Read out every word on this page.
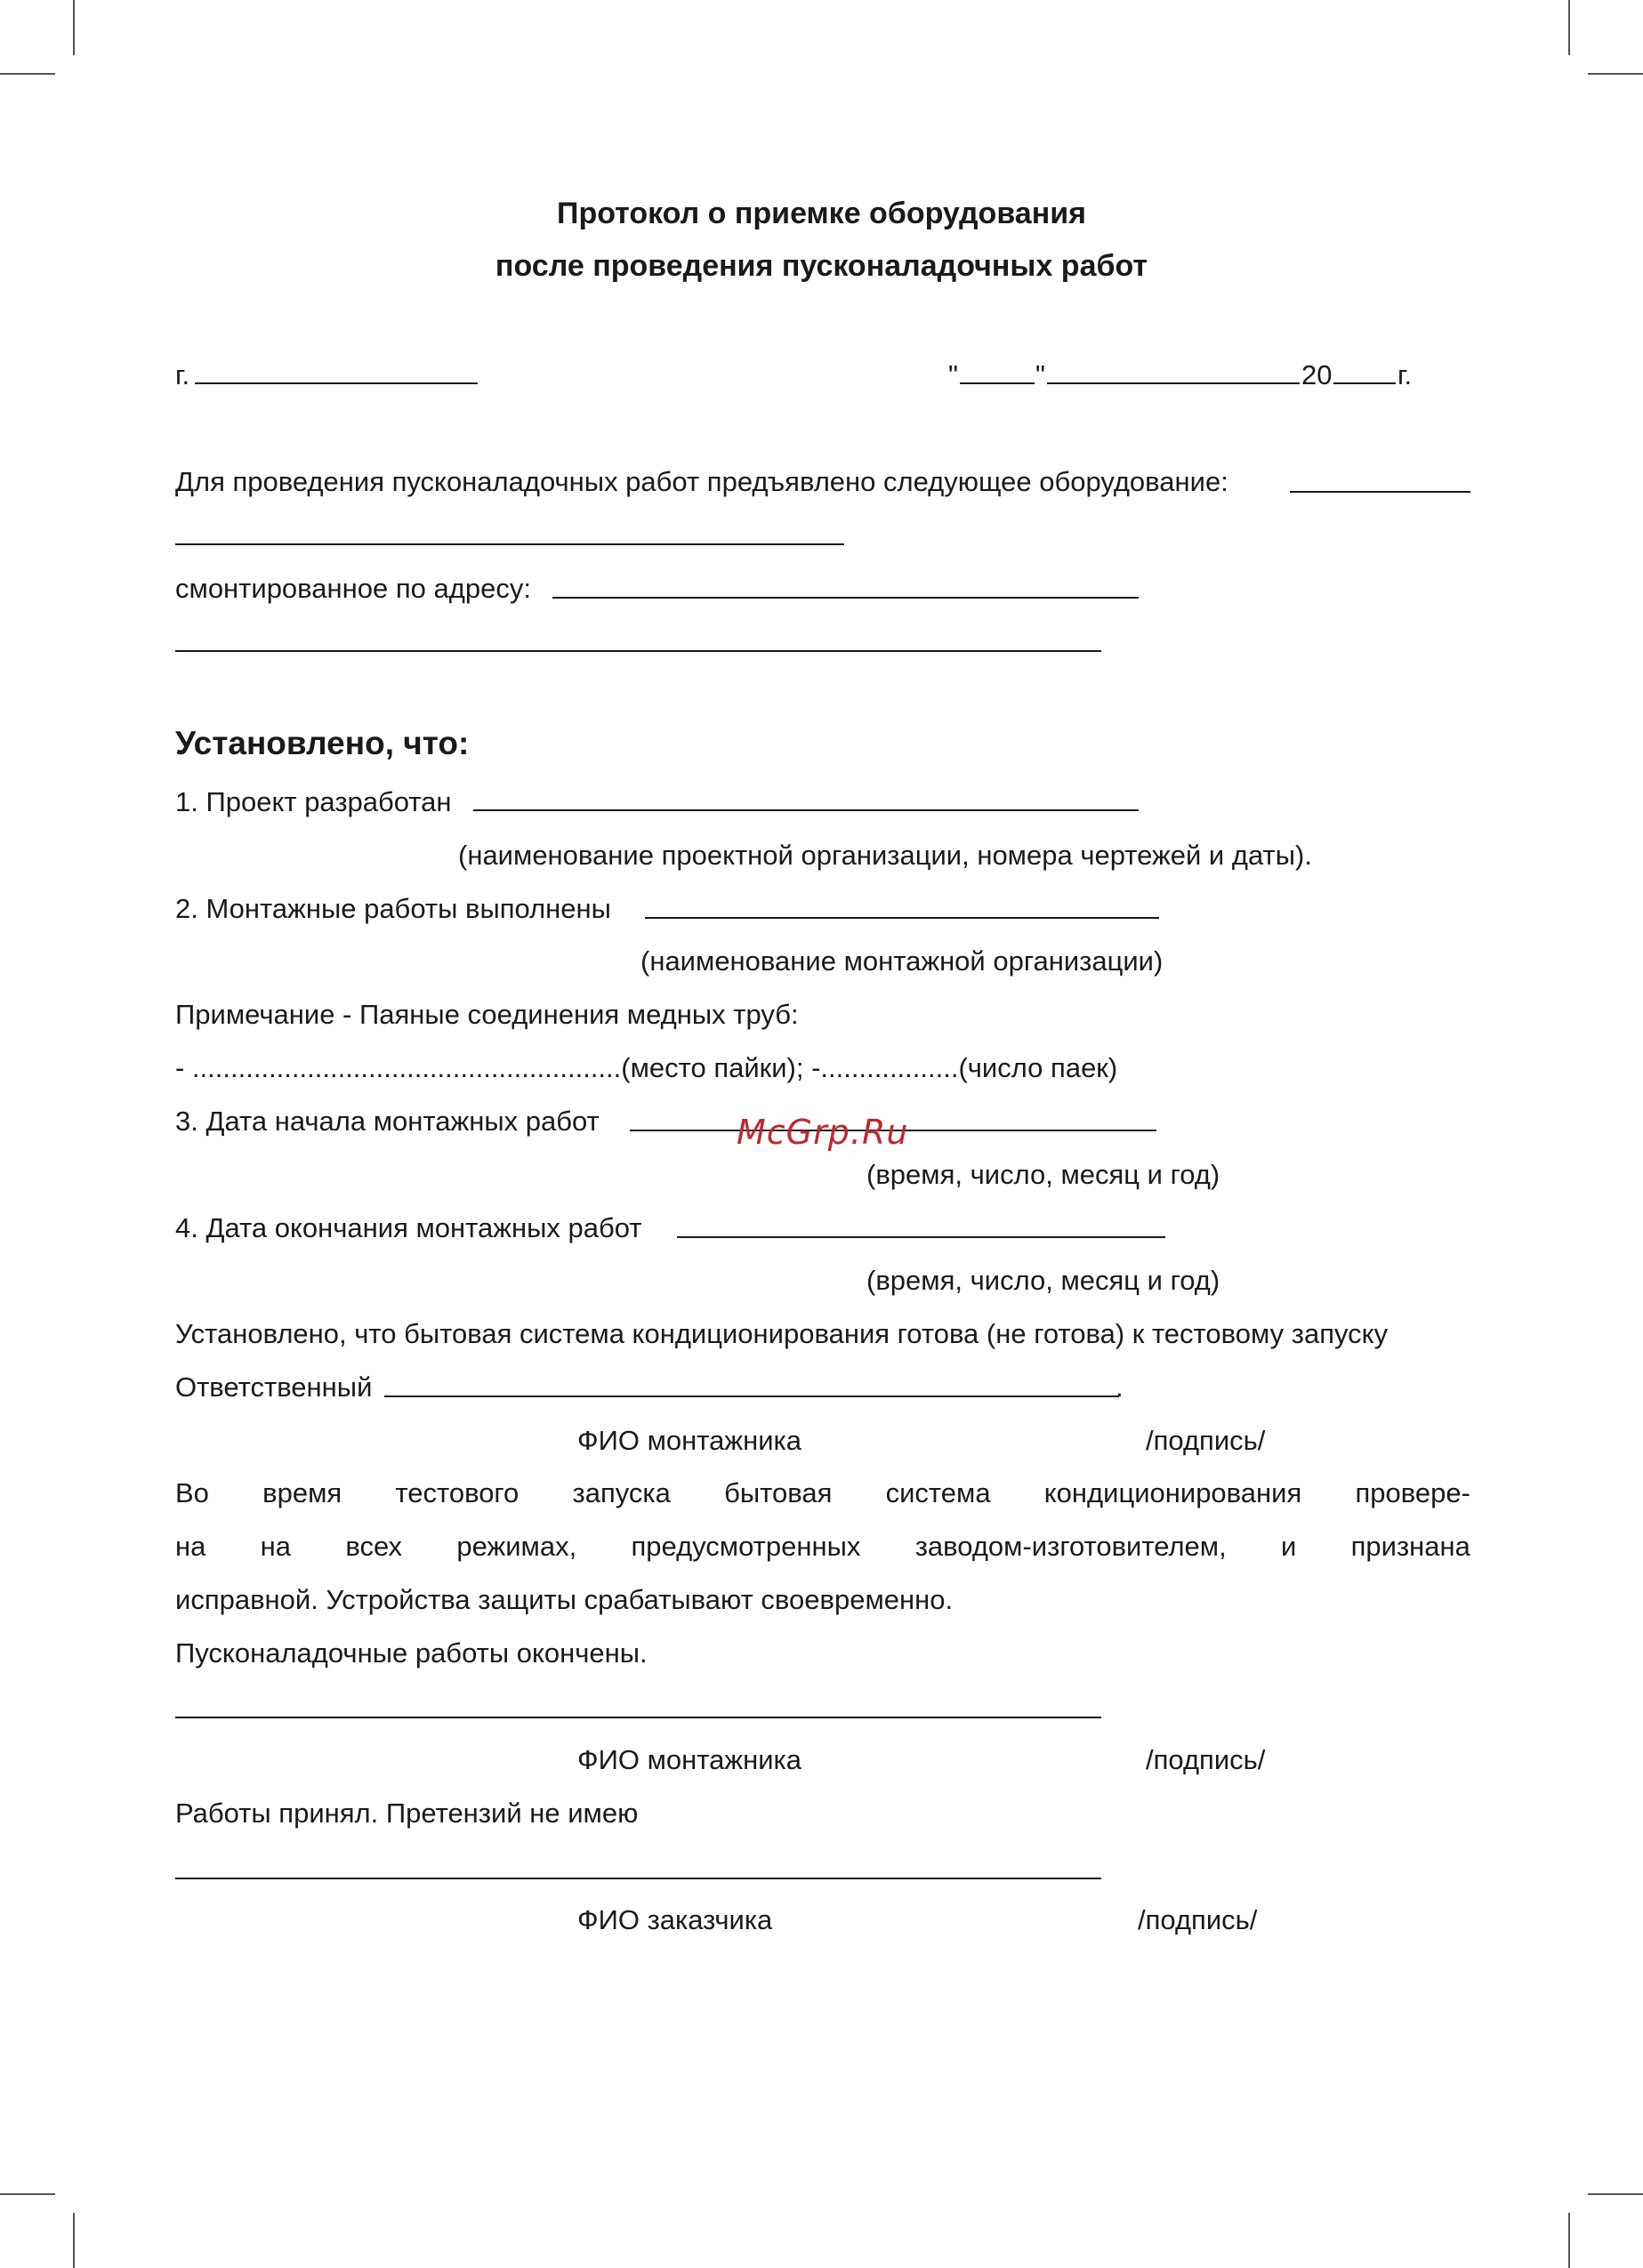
Протокол о приемке оборудования
после проведения пусконаладочных работ
г.	"	"	20 г.
Для проведения пусконаладочных работ предъявлено следующее оборудование:
смонтированное по адресу:
Установлено, что:
1. Проект разработан
(наименование проектной организации, номера чертежей и даты).
2. Монтажные работы выполнены
(наименование монтажной организации)
Примечание - Паяные соединения медных труб:
- ........................................................(место пайки); -..................(число паек)
3. Дата начала монтажных работ
(время, число, месяц и год)
4. Дата окончания монтажных работ
(время, число, месяц и год)
Установлено, что бытовая система кондиционирования готова (не готова) к тестовому запуску
Ответственный	.
ФИО монтажника	/подпись/
Во время тестового запуска бытовая система кондиционирования провере-
на на всех режимах, предусмотренных заводом-изготовителем, и признана
исправной. Устройства защиты срабатывают своевременно.
Пусконаладочные работы окончены.
ФИО монтажника	/подпись/
Работы принял. Претензий не имею
ФИО заказчика	/подпись/
McGrp.Ru
